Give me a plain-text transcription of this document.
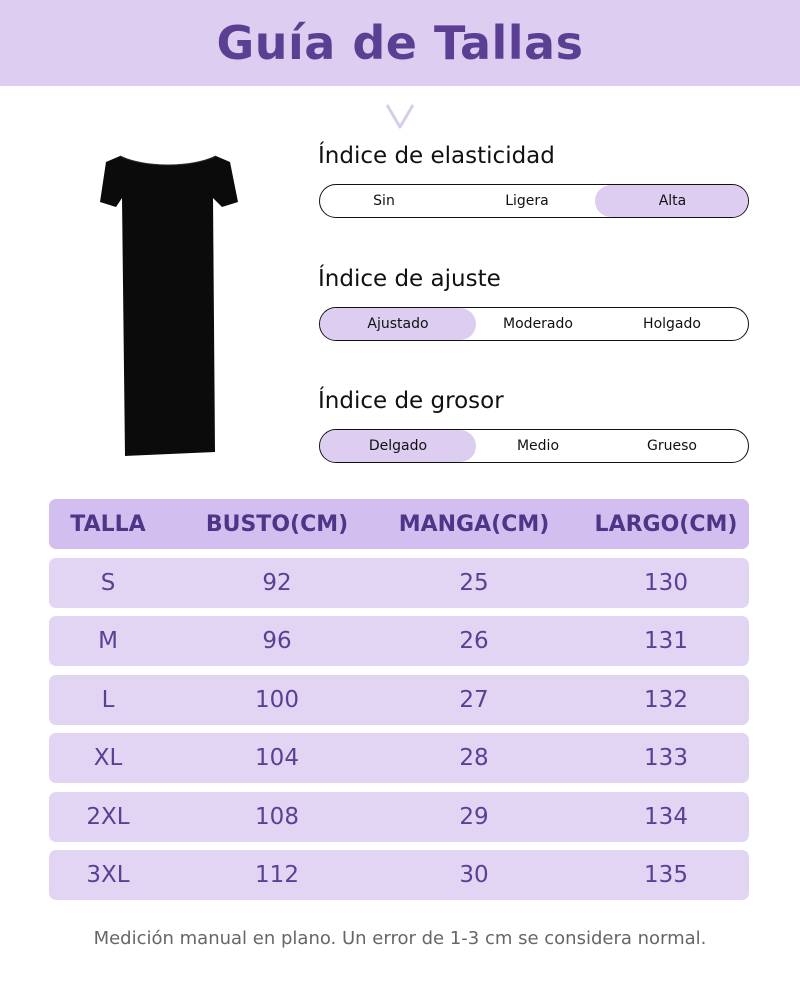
Guía de Tallas
Índice de elasticidad
Sin	Ligera	Alta
Índice de ajuste
Ajustado	Moderado	Holgado
Índice de grosor
Delgado	Medio	Grueso
TALLA	BUSTO(CM)	MANGA(CM)	LARGO(CM)
S	92	25	130
M	96	26	131
L	100	27	132
XL	104	28	133
2XL	108	29	134
3XL	112	30	135
Medición manual en plano. Un error de 1-3 cm se considera normal.
